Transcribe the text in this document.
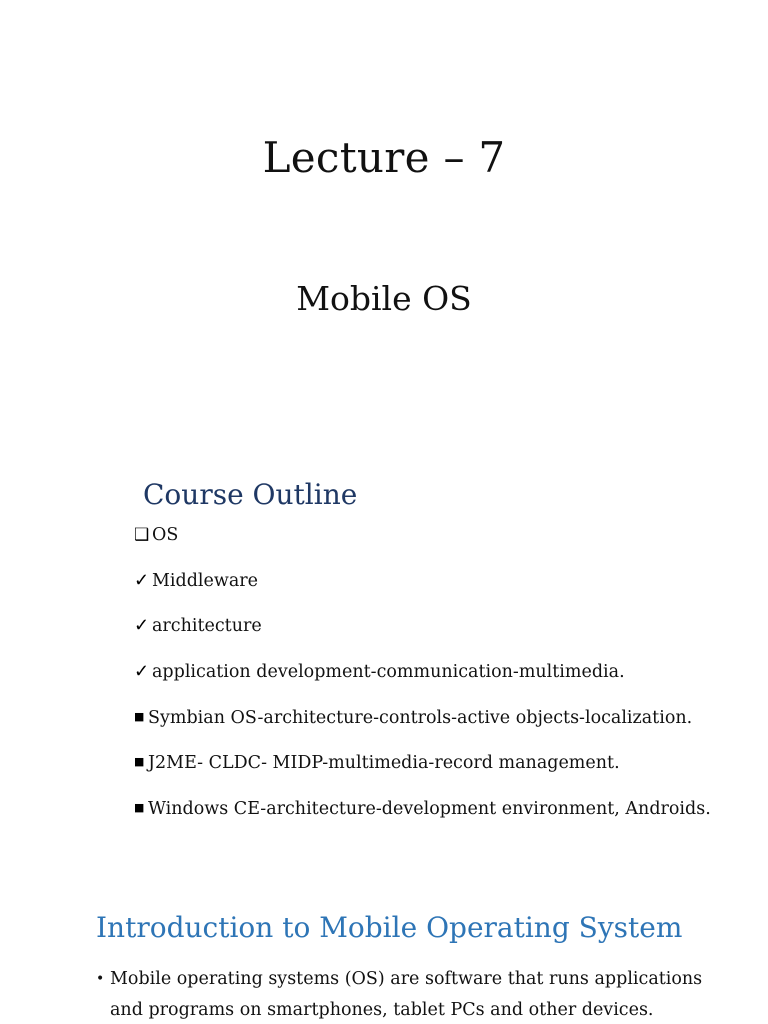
Lecture – 7
Mobile OS
Course Outline
❑ OS
✓ Middleware
✓ architecture
✓ application development-communication-multimedia.
■ Symbian OS-architecture-controls-active objects-localization.
■ J2ME- CLDC- MIDP-multimedia-record management.
■ Windows CE-architecture-development environment, Androids.
Introduction to Mobile Operating System
• Mobile operating systems (OS) are software that runs applications and programs on smartphones, tablet PCs and other devices.
